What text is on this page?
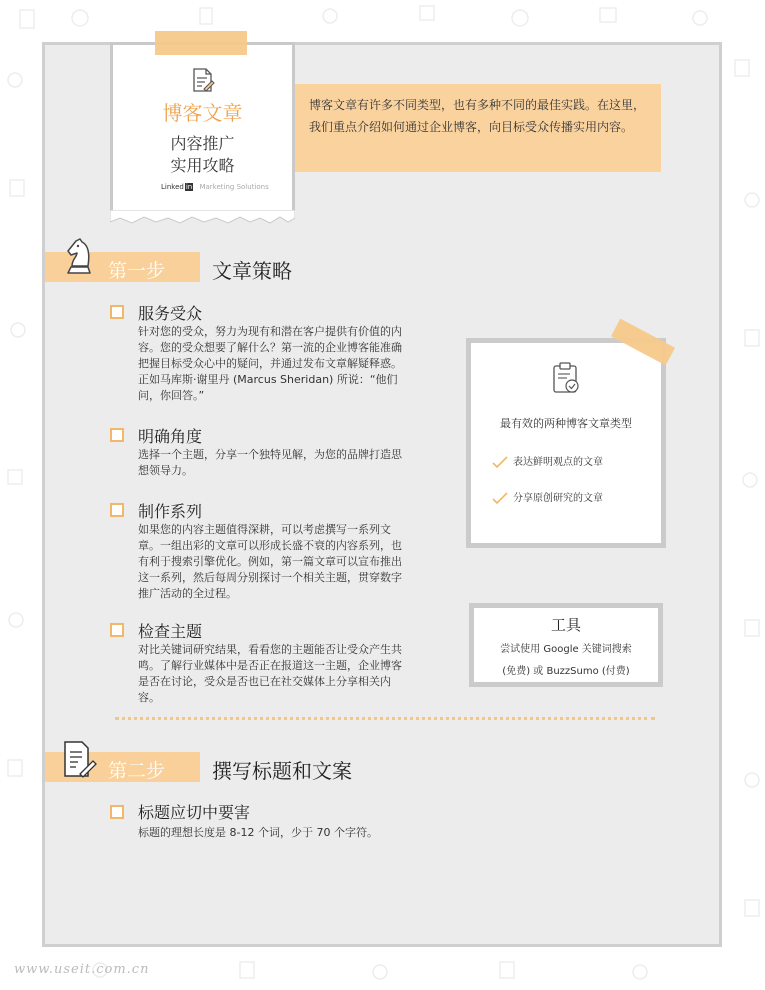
博客文章
内容推广
实用攻略
Linked in Marketing Solutions
博客文章有许多不同类型，也有多种不同的最佳实践。在这里，我们重点介绍如何通过企业博客，向目标受众传播实用内容。
第一步 文章策略
服务受众
针对您的受众，努力为现有和潜在客户提供有价值的内容。您的受众想要了解什么？第一流的企业博客能准确把握目标受众心中的疑问，并通过发布文章解疑释惑。正如马库斯·谢里丹 (Marcus Sheridan) 所说：“他们问，你回答。”
明确角度
选择一个主题，分享一个独特见解，为您的品牌打造思想领导力。
制作系列
如果您的内容主题值得深耕，可以考虑撰写一系列文章。一组出彩的文章可以形成长盛不衰的内容系列，也有利于搜索引擎优化。例如，第一篇文章可以宣布推出这一系列，然后每周分别探讨一个相关主题，贯穿数字推广活动的全过程。
检查主题
对比关键词研究结果，看看您的主题能否让受众产生共鸣。了解行业媒体中是否正在报道这一主题，企业博客是否在讨论，受众是否也已在社交媒体上分享相关内容。
最有效的两种博客文章类型
表达鲜明观点的文章
分享原创研究的文章
工具
尝试使用 Google 关键词搜索
(免费) 或 BuzzSumo (付费)
第二步 撰写标题和文案
标题应切中要害
标题的理想长度是 8-12 个词，少于 70 个字符。
www.useit.com.cn
